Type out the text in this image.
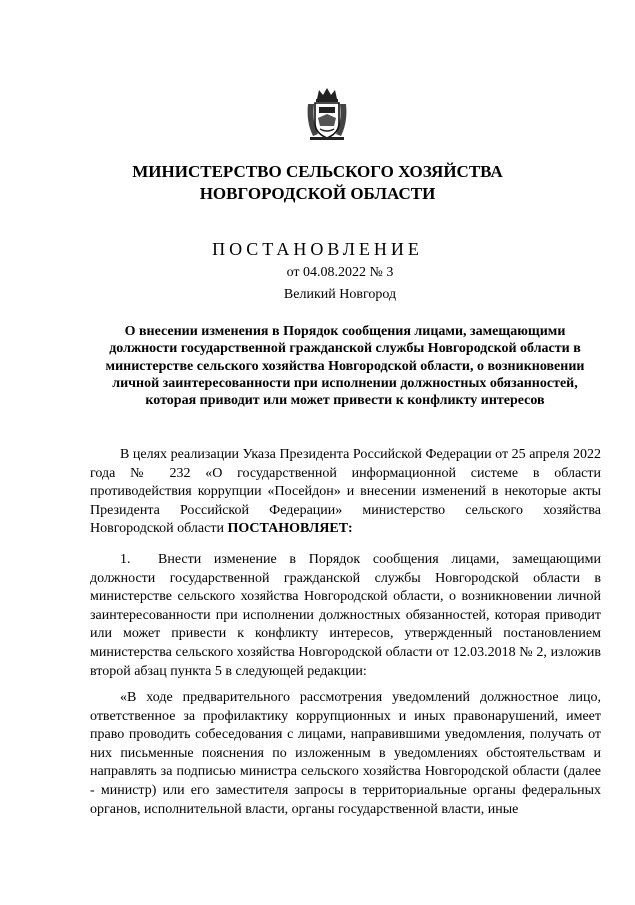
МИНИСТЕРСТВО СЕЛЬСКОГО ХОЗЯЙСТВА
НОВГОРОДСКОЙ ОБЛАСТИ
ПОСТАНОВЛЕНИЕ
от 04.08.2022 № 3
Великий Новгород
О внесении изменения в Порядок сообщения лицами, замещающими должности государственной гражданской службы Новгородской области в министерстве сельского хозяйства Новгородской области, о возникновении личной заинтересованности при исполнении должностных обязанностей, которая приводит или может привести к конфликту интересов

В целях реализации Указа Президента Российской Федерации от 25 апреля 2022 года № 232 «О государственной информационной системе в области противодействия коррупции «Посейдон» и внесении изменений в некоторые акты Президента Российской Федерации» министерство сельского хозяйства Новгородской области ПОСТАНОВЛЯЕТ:

1. Внести изменение в Порядок сообщения лицами, замещающими должности государственной гражданской службы Новгородской области в министерстве сельского хозяйства Новгородской области, о возникновении личной заинтересованности при исполнении должностных обязанностей, которая приводит или может привести к конфликту интересов, утвержденный постановлением министерства сельского хозяйства Новгородской области от 12.03.2018 № 2, изложив второй абзац пункта 5 в следующей редакции:

«В ходе предварительного рассмотрения уведомлений должностное лицо, ответственное за профилактику коррупционных и иных правонарушений, имеет право проводить собеседования с лицами, направившими уведомления, получать от них письменные пояснения по изложенным в уведомлениях обстоятельствам и направлять за подписью министра сельского хозяйства Новгородской области (далее - министр) или его заместителя запросы в территориальные органы федеральных органов, исполнительной власти, органы государственной власти, иные
